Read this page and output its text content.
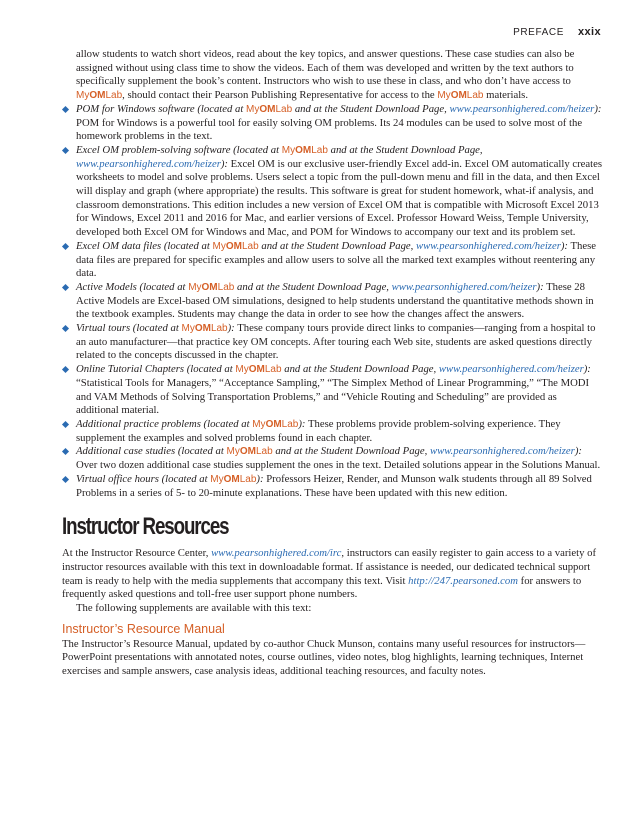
PREFACE xxix

allow students to watch short videos, read about the key topics, and answer questions. These case studies can also be assigned without using class time to show the videos. Each of them was developed and written by the text authors to specifically supplement the book’s content. Instructors who wish to use these in class, and who don’t have access to MyOMLab, should contact their Pearson Publishing Representative for access to the MyOMLab materials.

POM for Windows software (located at MyOMLab and at the Student Download Page, www.pearsonhighered.com/heizer): POM for Windows is a powerful tool for easily solving OM problems. Its 24 modules can be used to solve most of the homework problems in the text.
Excel OM problem-solving software (located at MyOMLab and at the Student Download Page, www.pearsonhighered.com/heizer): Excel OM is our exclusive user-friendly Excel add-in. Excel OM automatically creates worksheets to model and solve problems. Users select a topic from the pull-down menu and fill in the data, and then Excel will display and graph (where appropriate) the results. This software is great for student homework, what-if analysis, and classroom demonstrations. This edition includes a new version of Excel OM that is compatible with Microsoft Excel 2013 for Windows, Excel 2011 and 2016 for Mac, and earlier versions of Excel. Professor Howard Weiss, Temple University, developed both Excel OM for Windows and Mac, and POM for Windows to accompany our text and its problem set.
Excel OM data files (located at MyOMLab and at the Student Download Page, www.pearsonhighered.com/heizer): These data files are prepared for specific examples and allow users to solve all the marked text examples without reentering any data.
Active Models (located at MyOMLab and at the Student Download Page, www.pearsonhighered.com/heizer): These 28 Active Models are Excel-based OM simulations, designed to help students understand the quantitative methods shown in the textbook examples. Students may change the data in order to see how the changes affect the answers.
Virtual tours (located at MyOMLab): These company tours provide direct links to companies—ranging from a hospital to an auto manufacturer—that practice key OM concepts. After touring each Web site, students are asked questions directly related to the concepts discussed in the chapter.
Online Tutorial Chapters (located at MyOMLab and at the Student Download Page, www.pearsonhighered.com/heizer): “Statistical Tools for Managers,” “Acceptance Sampling,” “The Simplex Method of Linear Programming,” “The MODI and VAM Methods of Solving Transportation Problems,” and “Vehicle Routing and Scheduling” are provided as additional material.
Additional practice problems (located at MyOMLab): These problems provide problem-solving experience. They supplement the examples and solved problems found in each chapter.
Additional case studies (located at MyOMLab and at the Student Download Page, www.pearsonhighered.com/heizer): Over two dozen additional case studies supplement the ones in the text. Detailed solutions appear in the Solutions Manual.
Virtual office hours (located at MyOMLab): Professors Heizer, Render, and Munson walk students through all 89 Solved Problems in a series of 5- to 20-minute explanations. These have been updated with this new edition.
Instructor Resources

At the Instructor Resource Center, www.pearsonhighered.com/irc, instructors can easily register to gain access to a variety of instructor resources available with this text in downloadable format. If assistance is needed, our dedicated technical support team is ready to help with the media supplements that accompany this text. Visit http://247.pearsoned.com for answers to frequently asked questions and toll-free user support phone numbers.

The following supplements are available with this text:

Instructor’s Resource Manual

The Instructor’s Resource Manual, updated by co-author Chuck Munson, contains many useful resources for instructors—PowerPoint presentations with annotated notes, course outlines, video notes, blog highlights, learning techniques, Internet exercises and sample answers, case analysis ideas, additional teaching resources, and faculty notes.
